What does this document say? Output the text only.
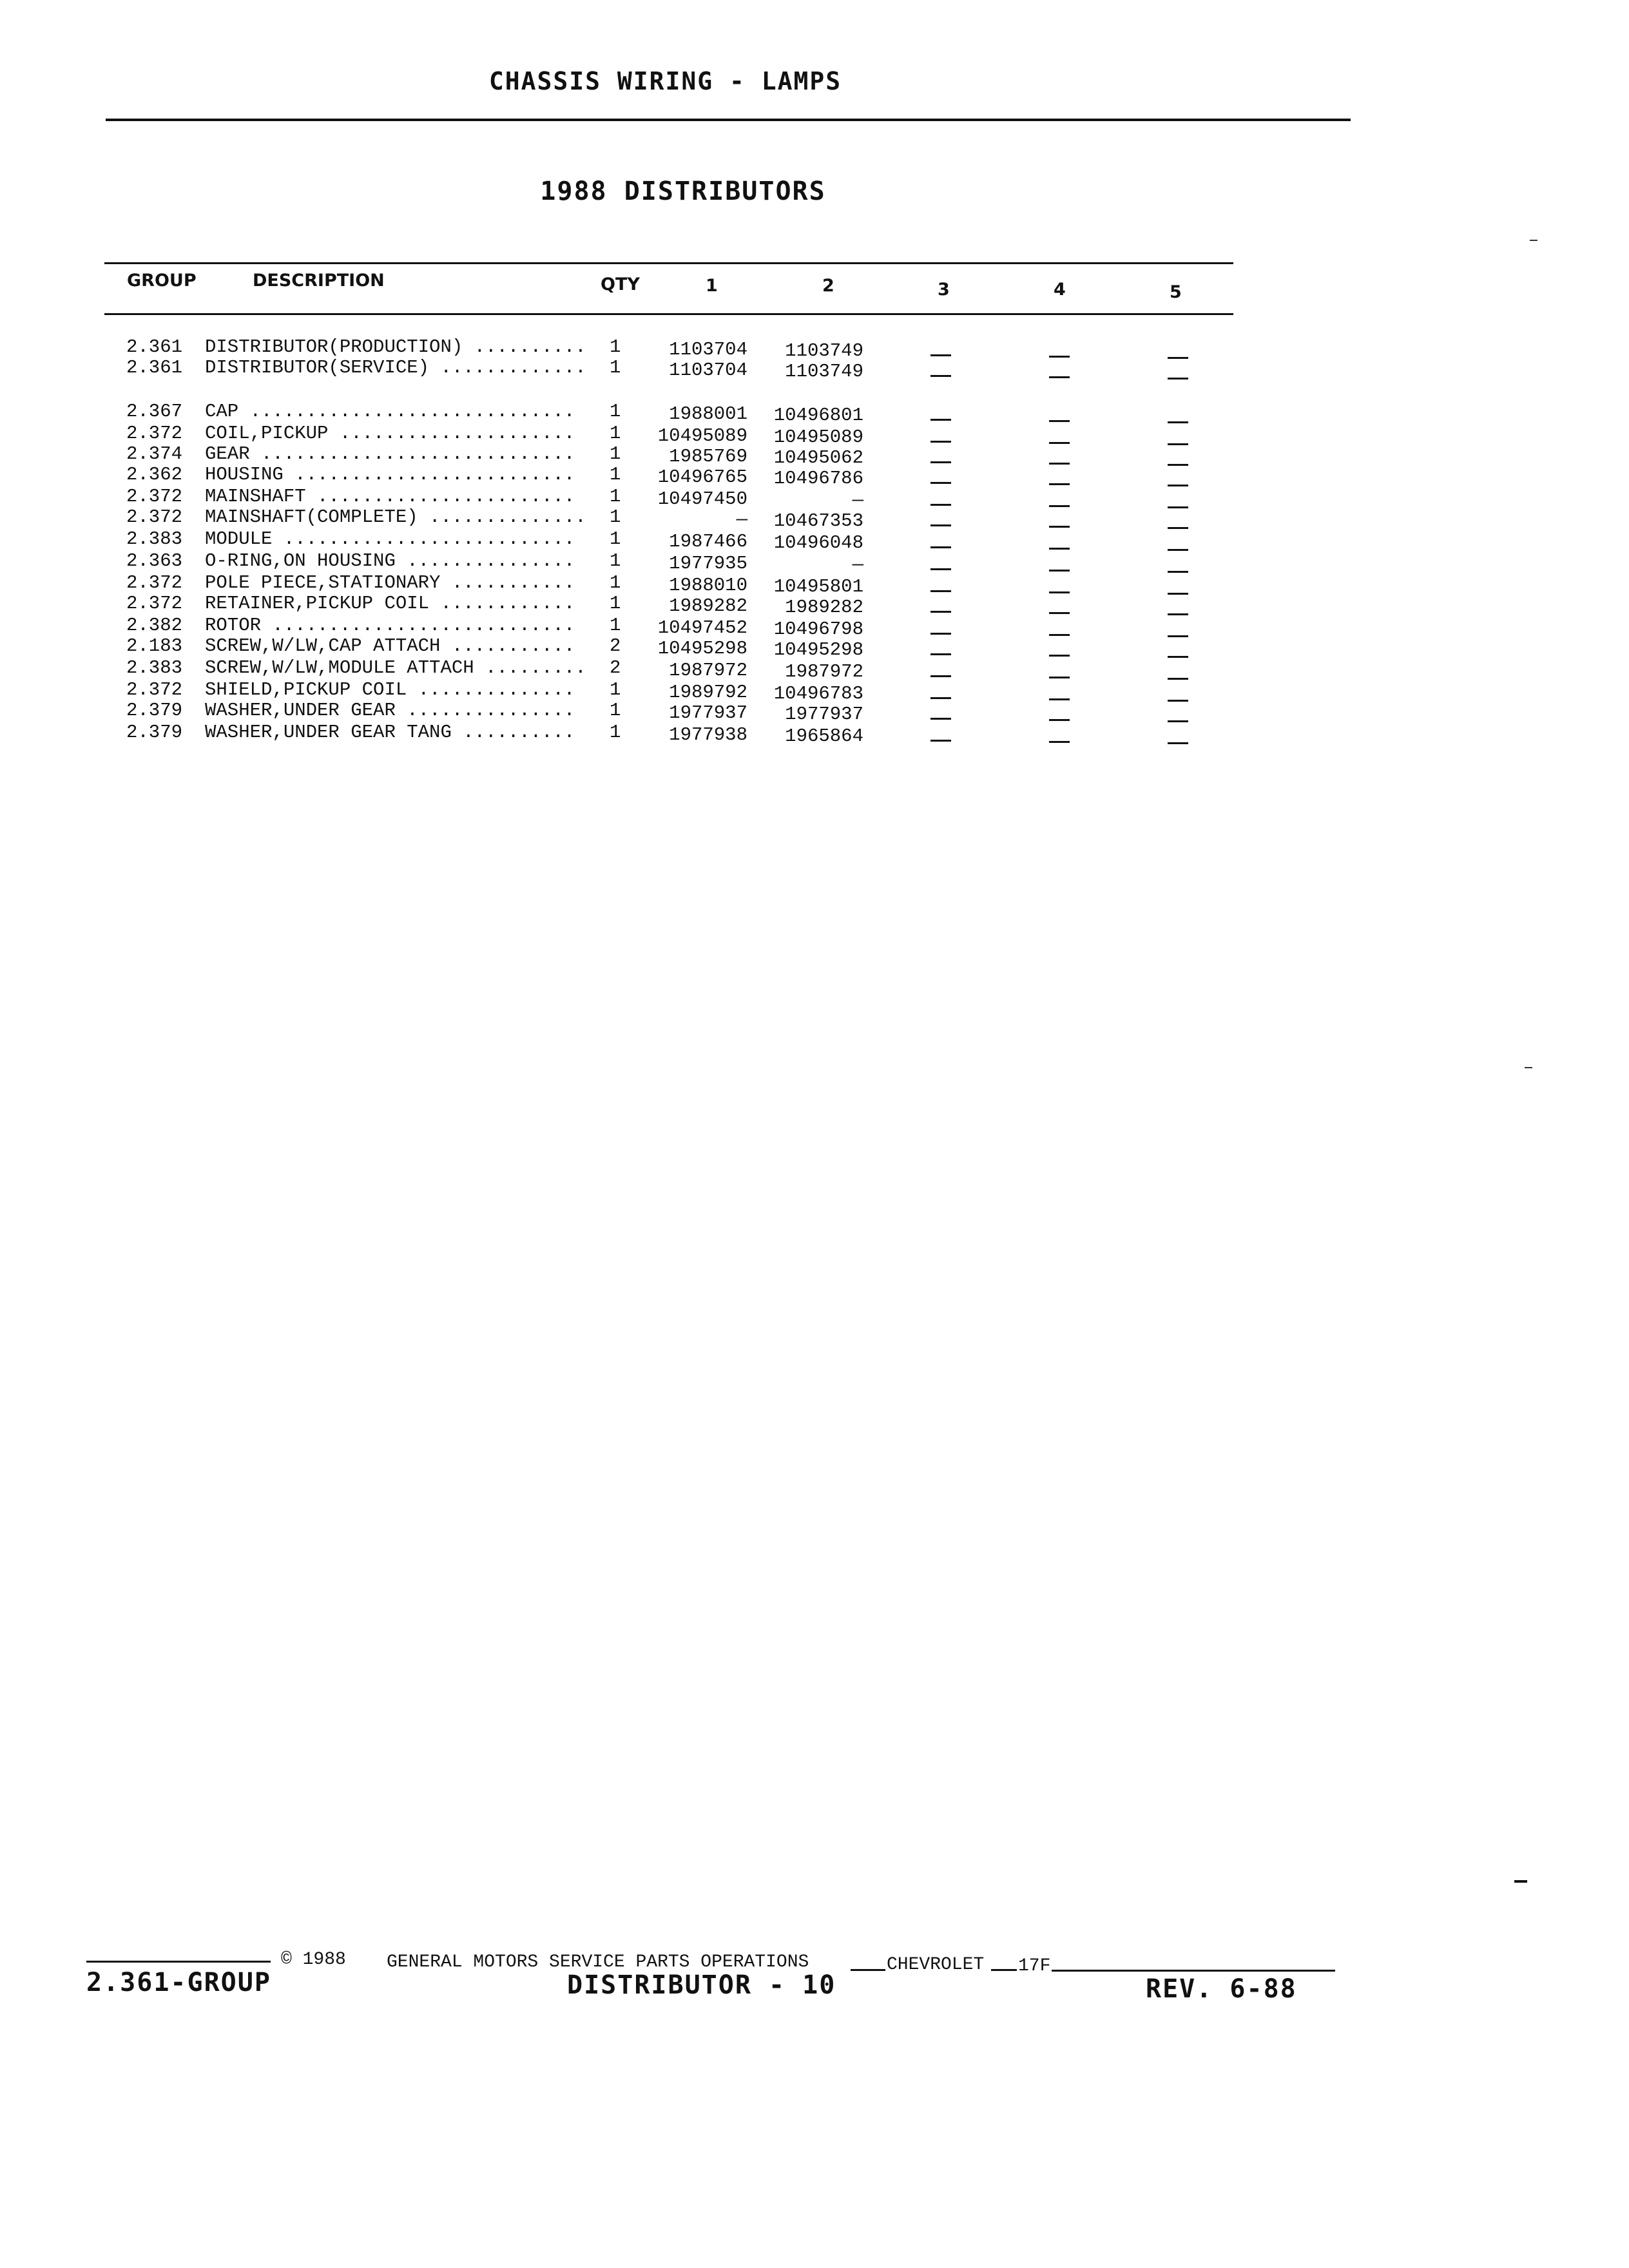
CHASSIS WIRING - LAMPS
1988 DISTRIBUTORS
GROUP	DESCRIPTION	QTY	1	2	3	4	5
2.361 DISTRIBUTOR(PRODUCTION) .......... 1	1103704	1103749
2.361 DISTRIBUTOR(SERVICE) ............. 1	1103704	1103749
2.367 CAP ............................. 1	1988001	10496801
2.372 COIL,PICKUP ..................... 1	10495089	10495089
2.374 GEAR ............................ 1	1985769	10495062
2.362 HOUSING ......................... 1	10496765	10496786
2.372 MAINSHAFT ....................... 1	10497450	—
2.372 MAINSHAFT(COMPLETE) .............. 1	—	10467353
2.383 MODULE .......................... 1	1987466	10496048
2.363 O-RING,ON HOUSING ............... 1	1977935	—
2.372 POLE PIECE,STATIONARY ........... 1	1988010	10495801
2.372 RETAINER,PICKUP COIL ............ 1	1989282	1989282
2.382 ROTOR ........................... 1	10497452	10496798
2.183 SCREW,W/LW,CAP ATTACH ........... 2	10495298	10495298
2.383 SCREW,W/LW,MODULE ATTACH ......... 2	1987972	1987972
2.372 SHIELD,PICKUP COIL .............. 1	1989792	10496783
2.379 WASHER,UNDER GEAR ............... 1	1977937	1977937
2.379 WASHER,UNDER GEAR TANG .......... 1	1977938	1965864
© 1988 GENERAL MOTORS SERVICE PARTS OPERATIONS	CHEVROLET 17F
2.361-GROUP	DISTRIBUTOR - 10	REV. 6-88
